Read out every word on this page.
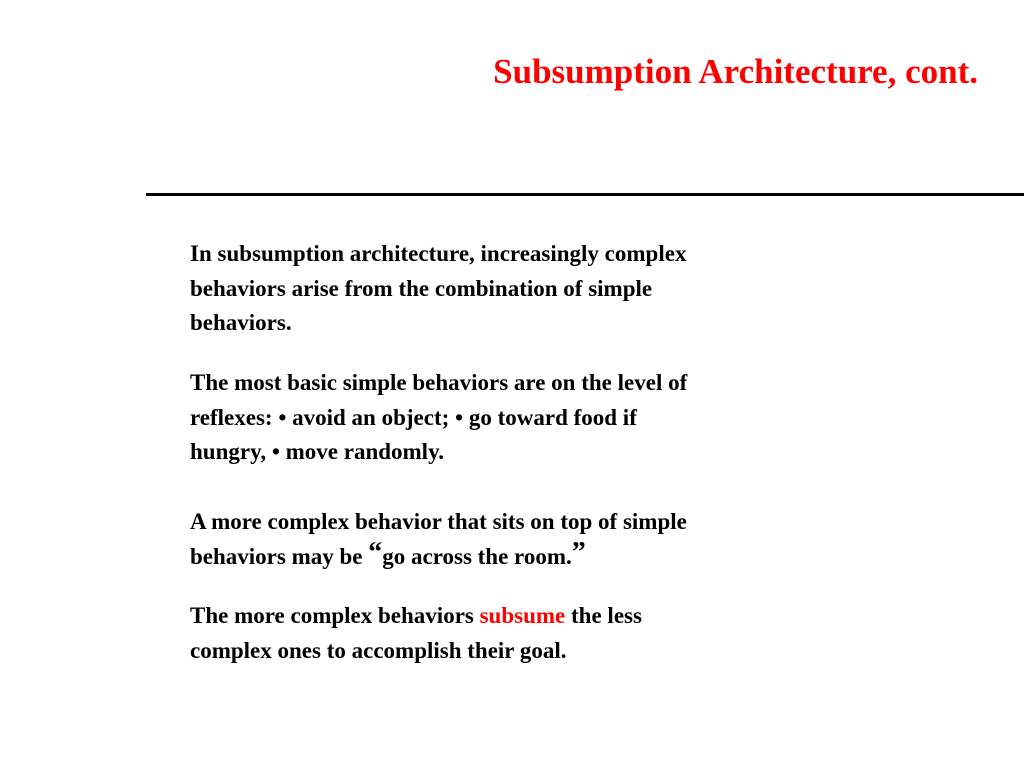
Subsumption Architecture, cont.

In subsumption architecture, increasingly complex
behaviors arise from the combination of simple
behaviors.

The most basic simple behaviors are on the level of
reflexes: • avoid an object; • go toward food if
hungry, • move randomly.

A more complex behavior that sits on top of simple
behaviors may be “go across the room.”

The more complex behaviors subsume the less
complex ones to accomplish their goal.
